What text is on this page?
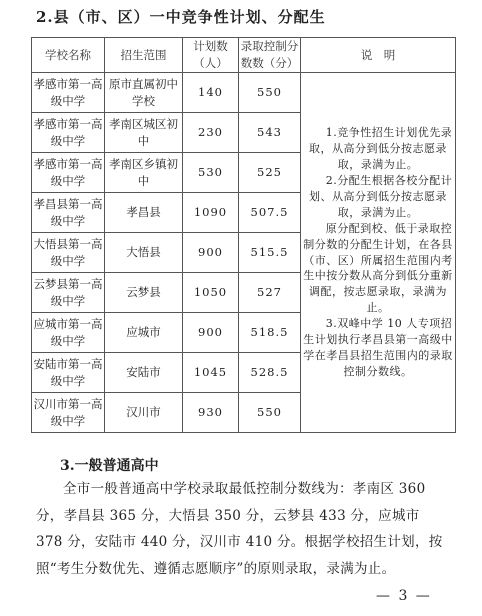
2.县（市、区）一中竞争性计划、分配生
学校名称	招生范围	计划数（人）	录取控制分数数（分）	说　明
孝感市第一高级中学	原市直属初中学校	140	550	1.竞争性招生计划优先录取，从高分到低分按志愿录取，录满为止。

2.分配生根据各校分配计划、从高分到低分按志愿录取，录满为止。

原分配到校、低于录取控制分数的分配生计划，在各县（市、区）所属招生范围内考生中按分数从高分到低分重新调配，按志愿录取，录满为止。

3.双峰中学 10 人专项招生计划执行孝昌县第一高级中学在孝昌县招生范围内的录取控制分数线。

孝感市第一高级中学	孝南区城区初中	230	543	
孝感市第一高级中学	孝南区乡镇初中	530	525	
孝昌县第一高级中学	孝昌县	1090	507.5	
大悟县第一高级中学	大悟县	900	515.5	
云梦县第一高级中学	云梦县	1050	527	
应城市第一高级中学	应城市	900	518.5	
安陆市第一高级中学	安陆市	1045	528.5	
汉川市第一高级中学	汉川市	930	550	
3.一般普通高中

全市一般普通高中学校录取最低控制分数线为：孝南区 360 分，孝昌县 365 分，大悟县 350 分，云梦县 433 分，应城市 378 分，安陆市 440 分，汉川市 410 分。根据学校招生计划，按照“考生分数优先、遵循志愿顺序”的原则录取，录满为止。

— 3 —
